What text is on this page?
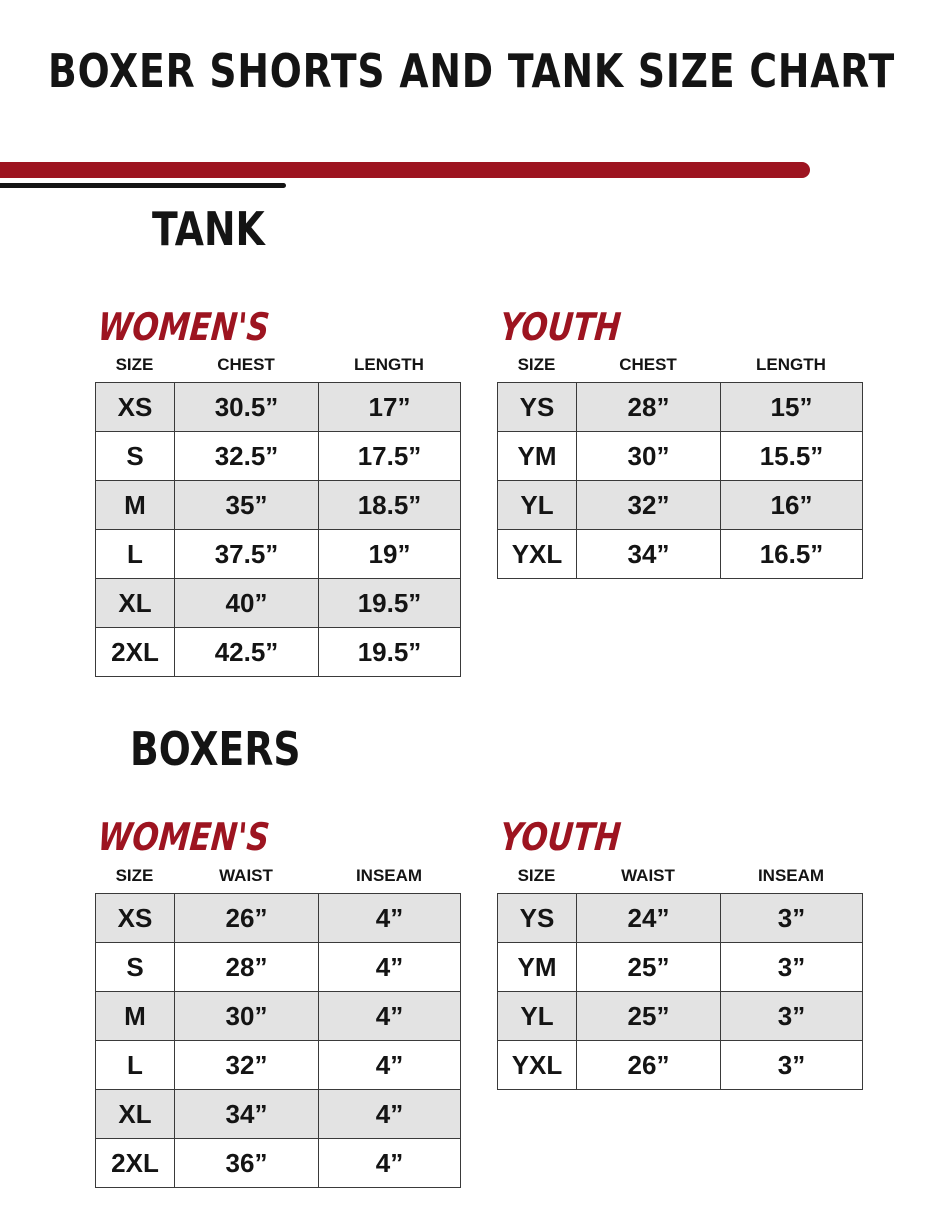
BOXER SHORTS AND TANK SIZE CHART
TANK
WOMEN'S
SIZE	CHEST	LENGTH
XS	30.5”	17”
S	32.5”	17.5”
M	35”	18.5”
L	37.5”	19”
XL	40”	19.5”
2XL	42.5”	19.5”
YOUTH
SIZE	CHEST	LENGTH
YS	28”	15”
YM	30”	15.5”
YL	32”	16”
YXL	34”	16.5”
BOXERS
WOMEN'S
SIZE	WAIST	INSEAM
XS	26”	4”
S	28”	4”
M	30”	4”
L	32”	4”
XL	34”	4”
2XL	36”	4”
YOUTH
SIZE	WAIST	INSEAM
YS	24”	3”
YM	25”	3”
YL	25”	3”
YXL	26”	3”
